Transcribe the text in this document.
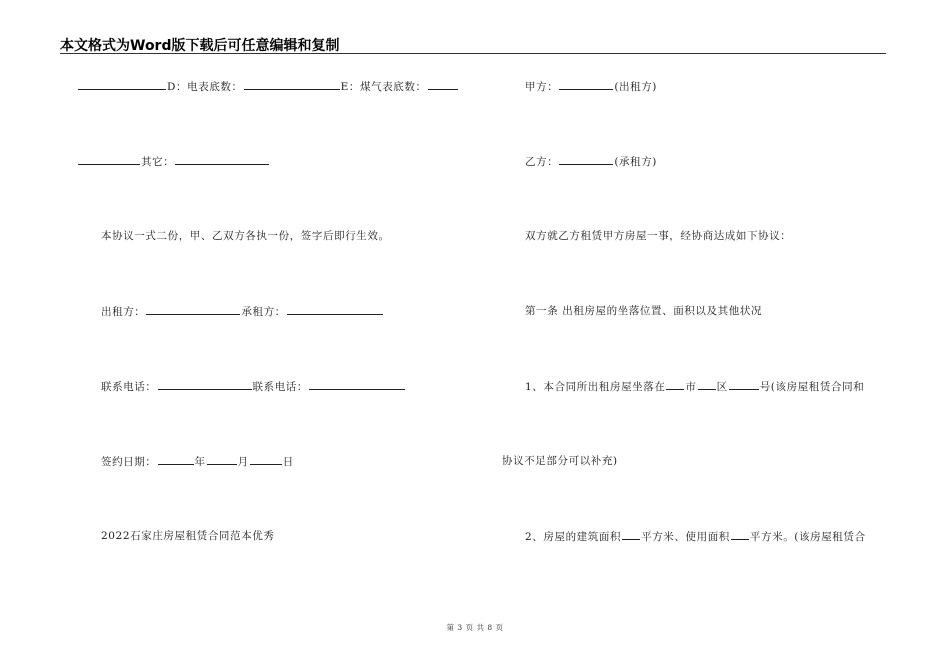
本文格式为Word版下载后可任意编辑和复制
D：电表底数：	E：煤气表底数：
其它：
本协议一式二份，甲、乙双方各执一份，签字后即行生效。
出租方：	承租方：
联系电话：	联系电话：
签约日期：	年	月	日
2022石家庄房屋租赁合同范本优秀
甲方：	(出租方)
乙方：	(承租方)
双方就乙方租赁甲方房屋一事，经协商达成如下协议：
第一条 出租房屋的坐落位置、面积以及其他状况
1、本合同所出租房屋坐落在 市 区	号(该房屋租赁合同和
协议不足部分可以补充)
2、房屋的建筑面积 平方米、使用面积 平方米。(该房屋租赁合
第 3 页 共 8 页
